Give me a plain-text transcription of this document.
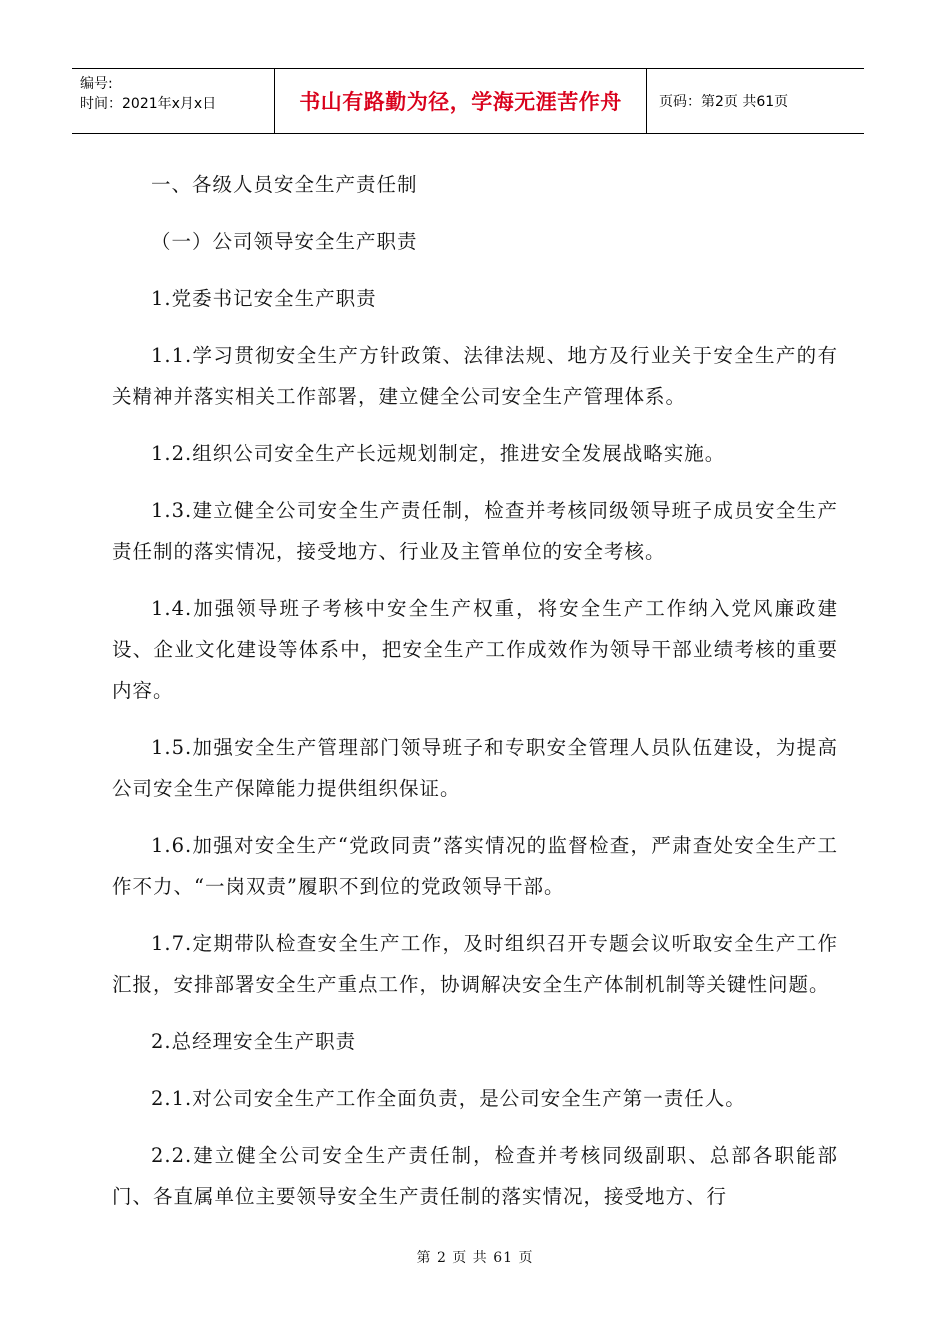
编号:
时间：2021年x月x日	书山有路勤为径，学海无涯苦作舟	页码：第2页 共61页

一、各级人员安全生产责任制

（一）公司领导安全生产职责

1.党委书记安全生产职责

1.1.学习贯彻安全生产方针政策、法律法规、地方及行业关于安全生产的有关精神并落实相关工作部署，建立健全公司安全生产管理体系。

1.2.组织公司安全生产长远规划制定，推进安全发展战略实施。

1.3.建立健全公司安全生产责任制，检查并考核同级领导班子成员安全生产责任制的落实情况，接受地方、行业及主管单位的安全考核。

1.4.加强领导班子考核中安全生产权重，将安全生产工作纳入党风廉政建设、企业文化建设等体系中，把安全生产工作成效作为领导干部业绩考核的重要内容。

1.5.加强安全生产管理部门领导班子和专职安全管理人员队伍建设，为提高公司安全生产保障能力提供组织保证。

1.6.加强对安全生产“党政同责”落实情况的监督检查，严肃查处安全生产工作不力、“一岗双责”履职不到位的党政领导干部。

1.7.定期带队检查安全生产工作，及时组织召开专题会议听取安全生产工作汇报，安排部署安全生产重点工作，协调解决安全生产体制机制等关键性问题。

2.总经理安全生产职责

2.1.对公司安全生产工作全面负责，是公司安全生产第一责任人。

2.2.建立健全公司安全生产责任制，检查并考核同级副职、总部各职能部门、各直属单位主要领导安全生产责任制的落实情况，接受地方、行

第 2 页 共 61 页
